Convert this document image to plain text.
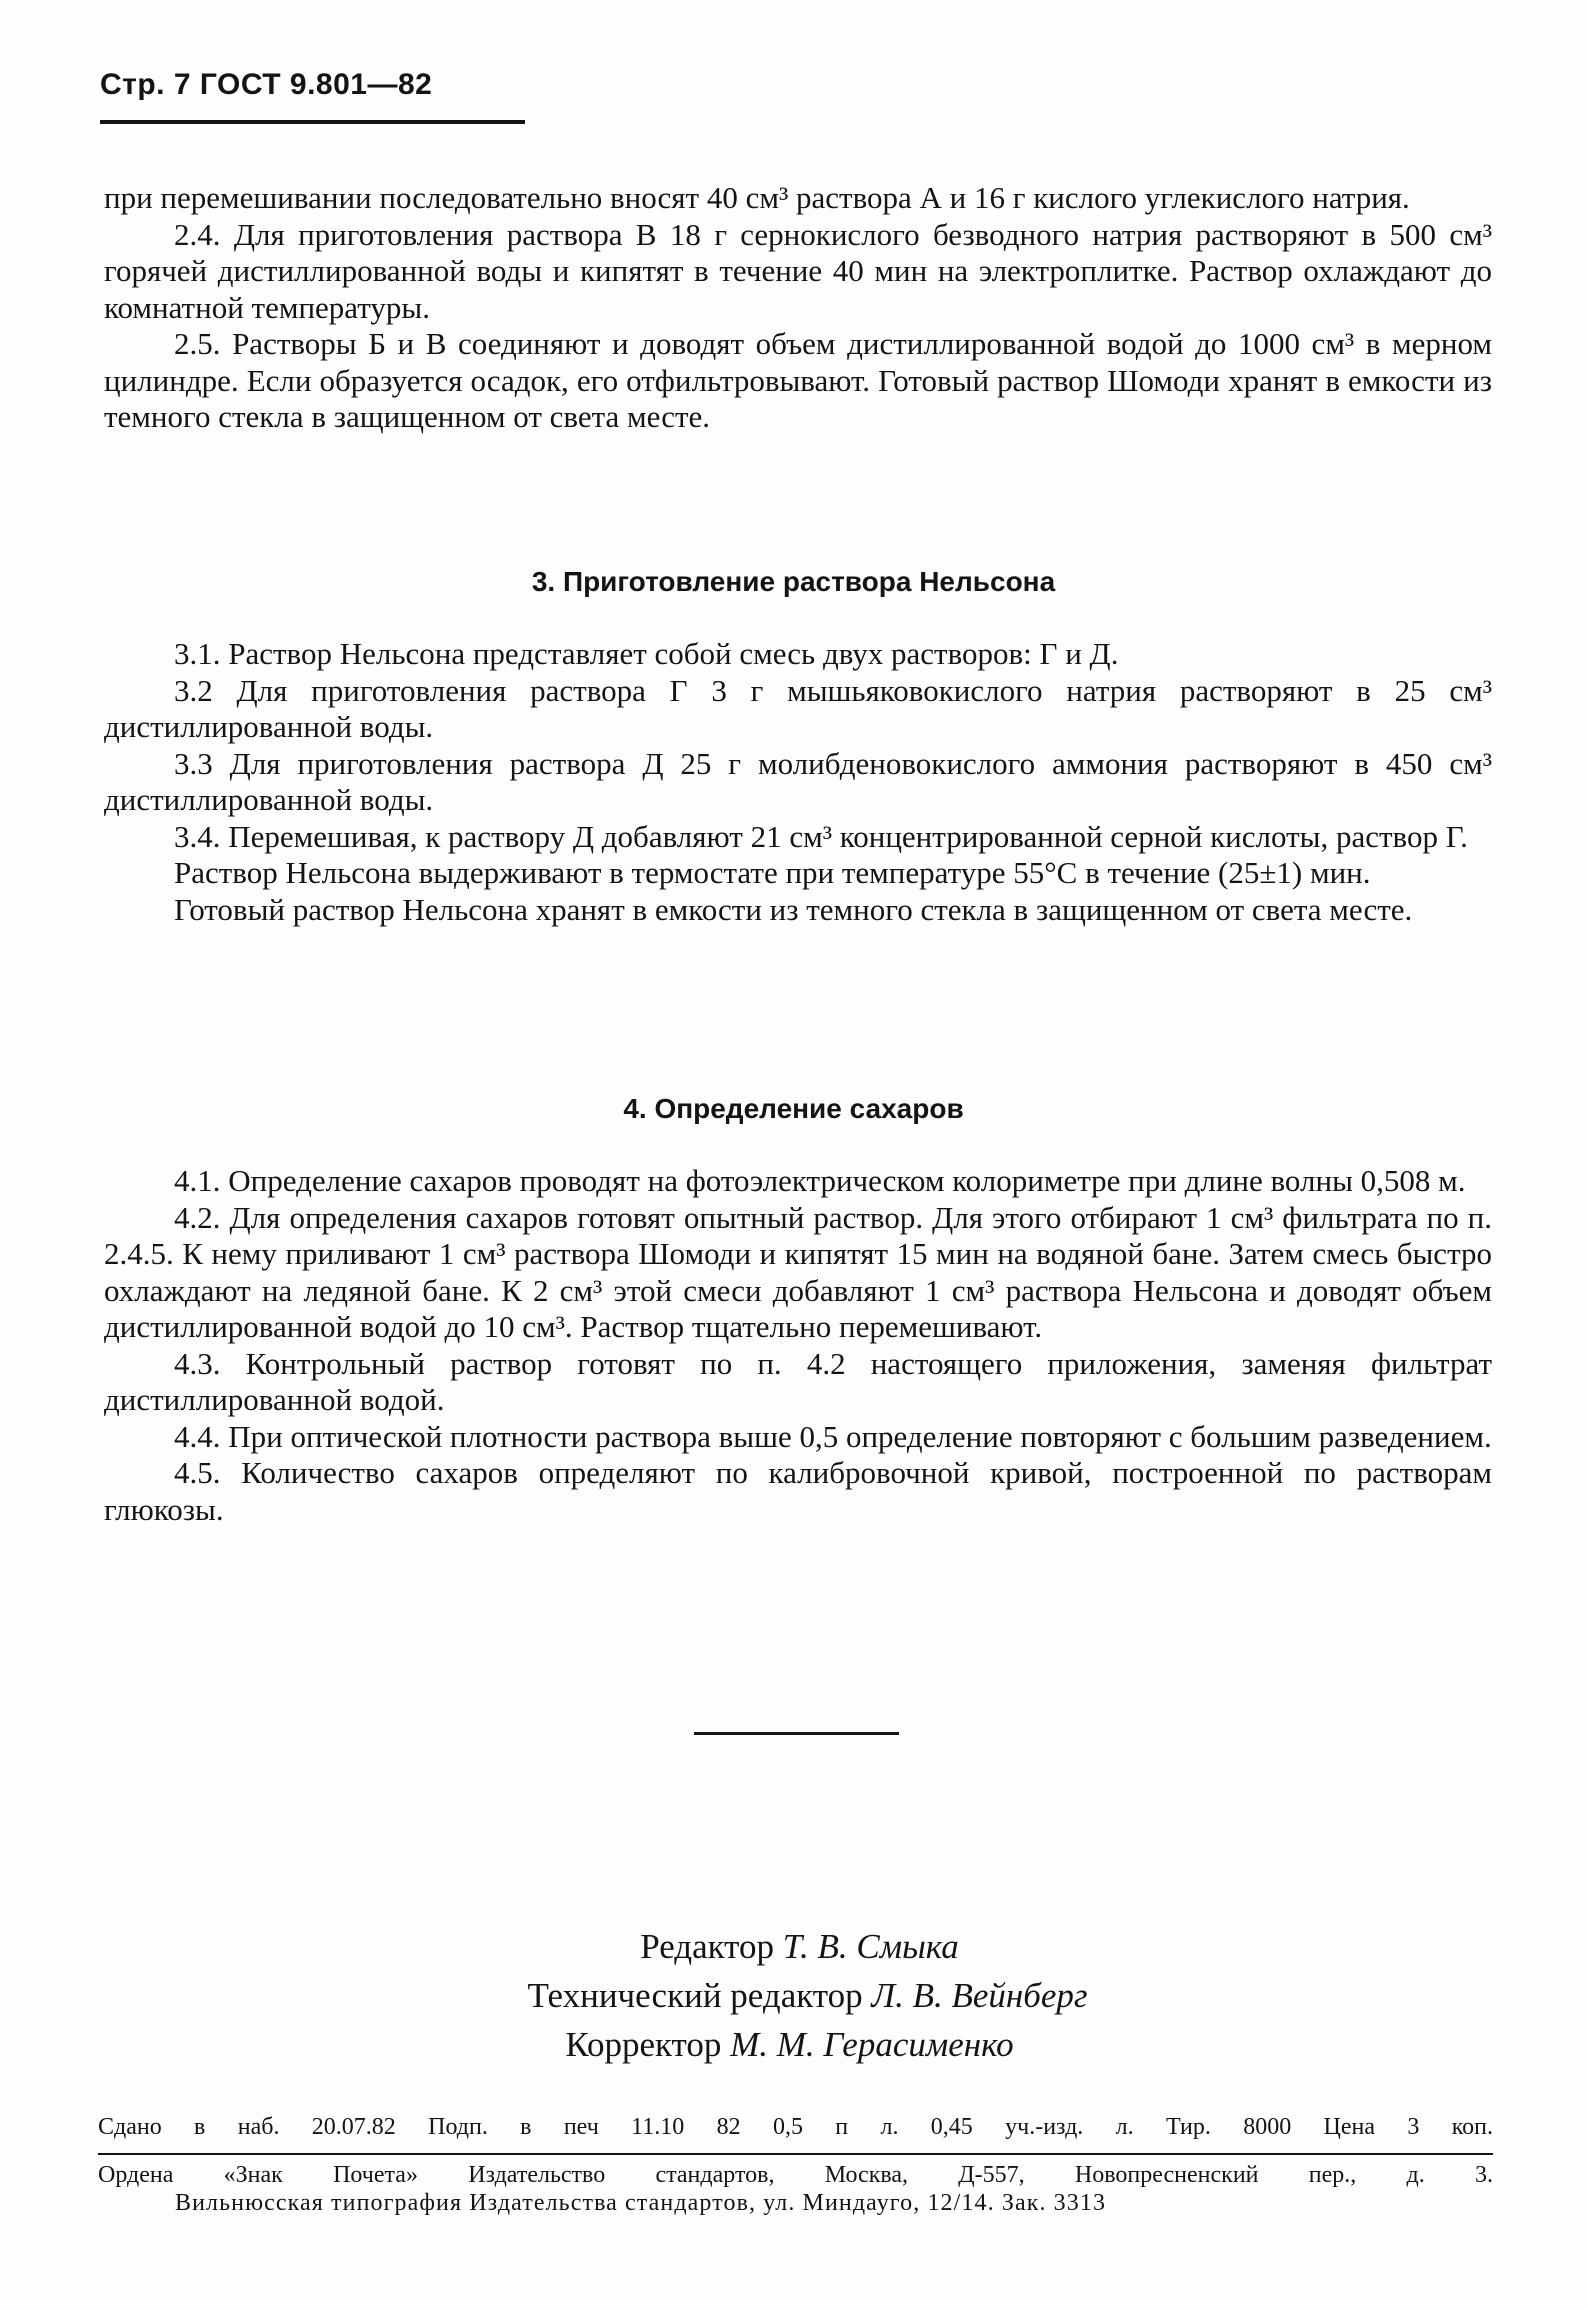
Стр. 7 ГОСТ 9.801—82

при перемешивании последовательно вносят 40 см³ раствора А и 16 г кислого углекислого натрия.

2.4. Для приготовления раствора В 18 г сернокислого безводного натрия растворяют в 500 см³ горячей дистиллированной воды и кипятят в течение 40 мин на электроплитке. Раствор охлаждают до комнатной температуры.

2.5. Растворы Б и В соединяют и доводят объем дистиллированной водой до 1000 см³ в мерном цилиндре. Если образуется осадок, его отфильтровывают. Готовый раствор Шомоди хранят в емкости из темного стекла в защищенном от света месте.

3. Приготовление раствора Нельсона

3.1. Раствор Нельсона представляет собой смесь двух растворов: Г и Д.

3.2 Для приготовления раствора Г 3 г мышьяковокислого натрия растворяют в 25 см³ дистиллированной воды.

3.3 Для приготовления раствора Д 25 г молибденовокислого аммония растворяют в 450 см³ дистиллированной воды.

3.4. Перемешивая, к раствору Д добавляют 21 см³ концентрированной серной кислоты, раствор Г.

Раствор Нельсона выдерживают в термостате при температуре 55°С в течение (25±1) мин.

Готовый раствор Нельсона хранят в емкости из темного стекла в защищенном от света месте.

4. Определение сахаров

4.1. Определение сахаров проводят на фотоэлектрическом колориметре при длине волны 0,508 м.

4.2. Для определения сахаров готовят опытный раствор. Для этого отбирают 1 см³ фильтрата по п. 2.4.5. К нему приливают 1 см³ раствора Шомоди и кипятят 15 мин на водяной бане. Затем смесь быстро охлаждают на ледяной бане. К 2 см³ этой смеси добавляют 1 см³ раствора Нельсона и доводят объем дистиллированной водой до 10 см³. Раствор тщательно перемешивают.

4.3. Контрольный раствор готовят по п. 4.2 настоящего приложения, заменяя фильтрат дистиллированной водой.

4.4. При оптической плотности раствора выше 0,5 определение повторяют с большим разведением.

4.5. Количество сахаров определяют по калибровочной кривой, построенной по растворам глюкозы.

Редактор Т. В. Смыка

Технический редактор Л. В. Вейнберг

Корректор М. М. Герасименко

Сдано в наб. 20.07.82 Подп. в печ 11.10 82 0,5 п л. 0,45 уч.-изд. л. Тир. 8000 Цена 3 коп.
Ордена «Знак Почета» Издательство стандартов, Москва, Д-557, Новопресненский пер., д. 3.
Вильнюсская типография Издательства стандартов, ул. Миндауго, 12/14. Зак. 3313
